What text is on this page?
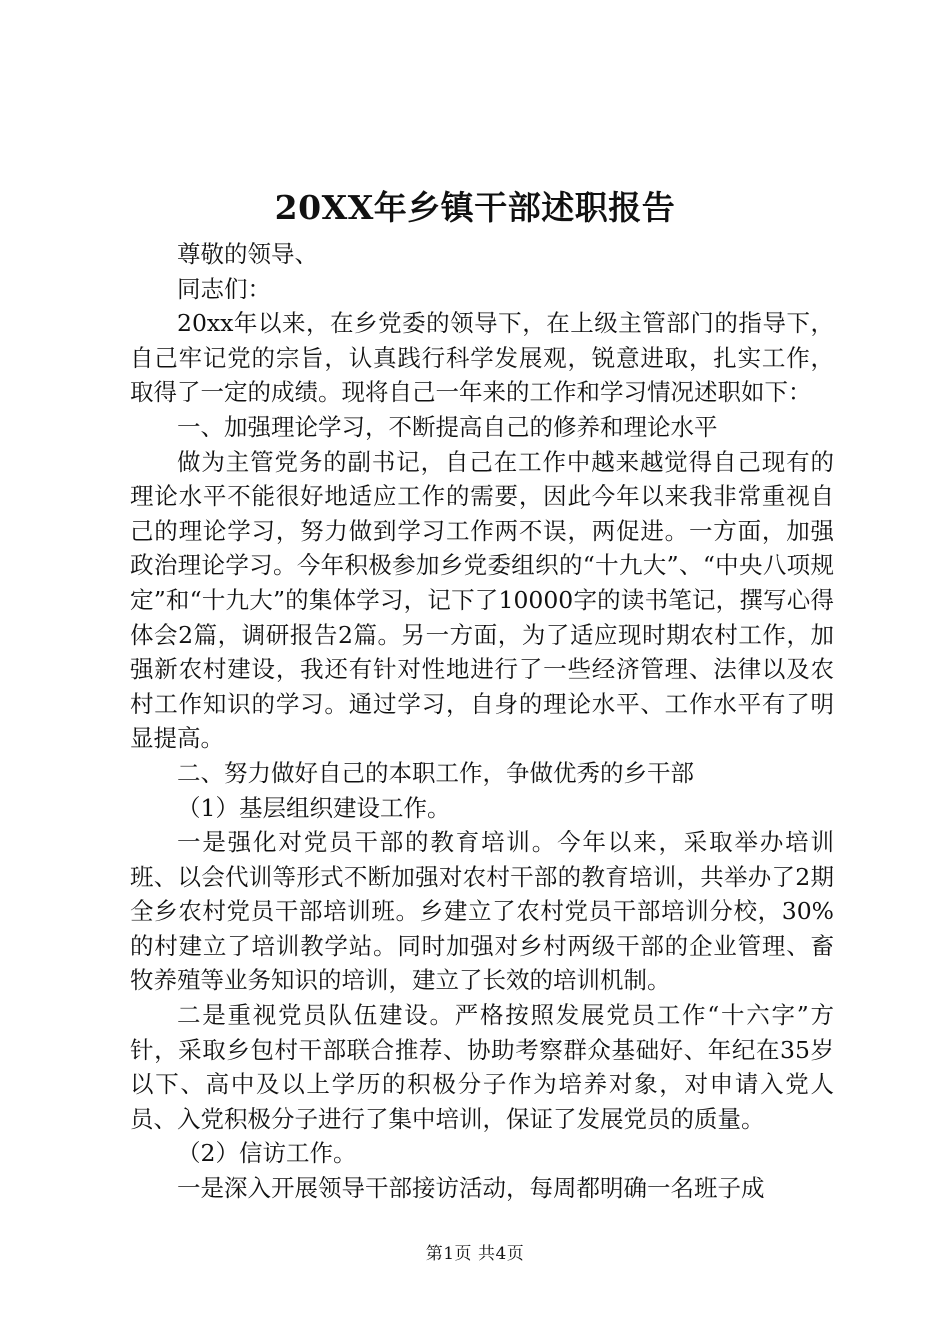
20XX年乡镇干部述职报告

尊敬的领导、

同志们：

20xx年以来，在乡党委的领导下，在上级主管部门的指导下，自己牢记党的宗旨，认真践行科学发展观，锐意进取，扎实工作，取得了一定的成绩。现将自己一年来的工作和学习情况述职如下：

一、加强理论学习，不断提高自己的修养和理论水平

做为主管党务的副书记，自己在工作中越来越觉得自己现有的理论水平不能很好地适应工作的需要，因此今年以来我非常重视自己的理论学习，努力做到学习工作两不误，两促进。一方面，加强政治理论学习。今年积极参加乡党委组织的“十九大”、“中央八项规定”和“十九大”的集体学习，记下了10000字的读书笔记，撰写心得体会2篇，调研报告2篇。另一方面，为了适应现时期农村工作，加强新农村建设，我还有针对性地进行了一些经济管理、法律以及农村工作知识的学习。通过学习，自身的理论水平、工作水平有了明显提高。

二、努力做好自己的本职工作，争做优秀的乡干部

（1）基层组织建设工作。

一是强化对党员干部的教育培训。今年以来，采取举办培训班、以会代训等形式不断加强对农村干部的教育培训，共举办了2期全乡农村党员干部培训班。乡建立了农村党员干部培训分校，30%的村建立了培训教学站。同时加强对乡村两级干部的企业管理、畜牧养殖等业务知识的培训，建立了长效的培训机制。

二是重视党员队伍建设。严格按照发展党员工作“十六字”方针，采取乡包村干部联合推荐、协助考察群众基础好、年纪在35岁以下、高中及以上学历的积极分子作为培养对象，对申请入党人员、入党积极分子进行了集中培训，保证了发展党员的质量。

（2）信访工作。

一是深入开展领导干部接访活动，每周都明确一名班子成

第1页 共4页
